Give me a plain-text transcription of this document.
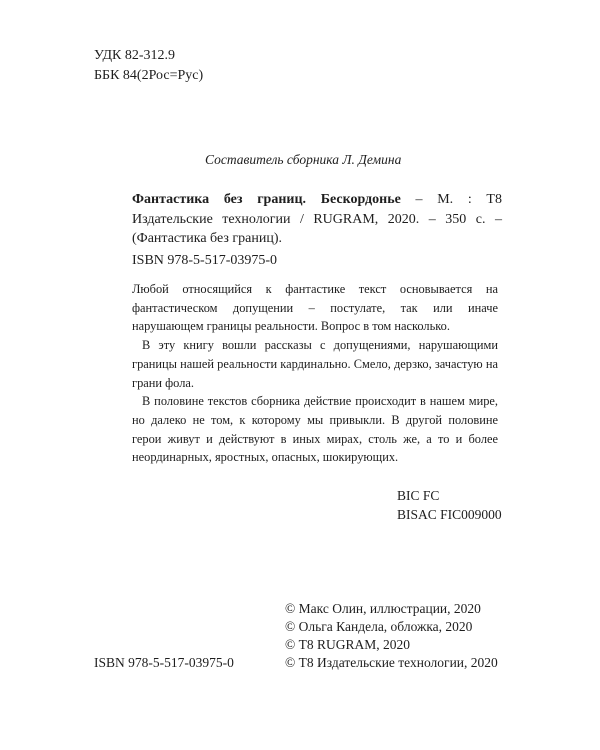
УДК 82-312.9
ББК 84(2Рос=Рус)
Составитель сборника Л. Демина
Фантастика без границ. Бескордонье – М. : Т8 Издательские технологии / RUGRAM, 2020. – 350 с. – (Фантастика без границ).
ISBN 978-5-517-03975-0

Любой относящийся к фантастике текст основывается на фантастическом допущении – постулате, так или иначе нарушающем границы реальности. Вопрос в том насколько.

В эту книгу вошли рассказы с допущениями, нарушающими границы нашей реальности кардинально. Смело, дерзко, зачастую на грани фола.

В половине текстов сборника действие происходит в нашем мире, но далеко не том, к которому мы привыкли. В другой половине герои живут и действуют в иных мирах, столь же, а то и более неординарных, яростных, опасных, шокирующих.

BIC FC
BISAC FIC009000
© Макс Олин, иллюстрации, 2020
© Ольга Кандела, обложка, 2020
© Т8 RUGRAM, 2020
© Т8 Издательские технологии, 2020
ISBN 978-5-517-03975-0
